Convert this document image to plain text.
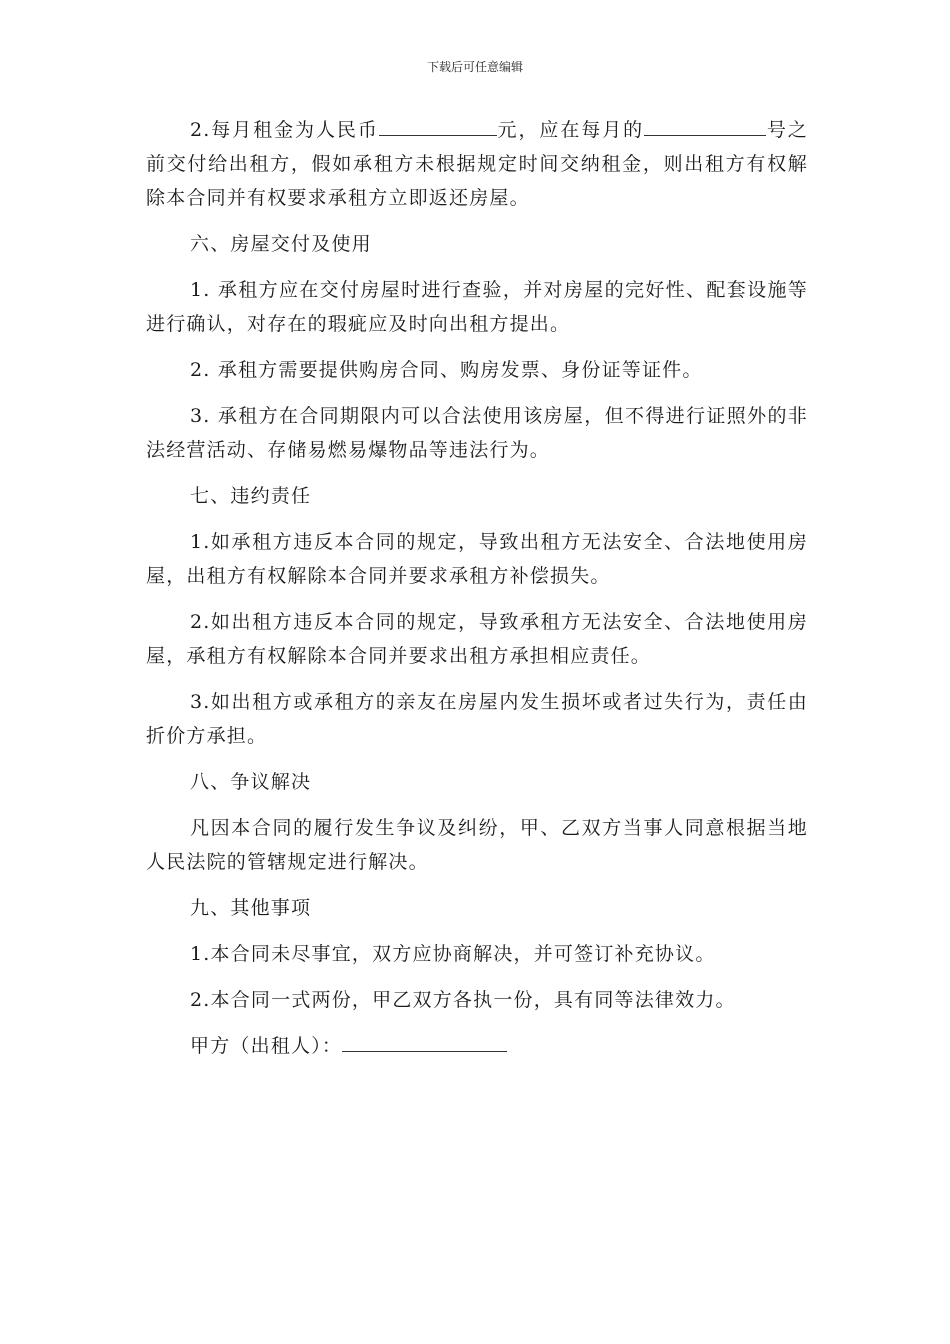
下载后可任意编辑

2.每月租金为人民币	元，应在每月的	号之前交付给出租方，假如承租方未根据规定时间交纳租金，则出租方有权解除本合同并有权要求承租方立即返还房屋。

六、房屋交付及使用

1. 承租方应在交付房屋时进行查验，并对房屋的完好性、配套设施等进行确认，对存在的瑕疵应及时向出租方提出。

2. 承租方需要提供购房合同、购房发票、身份证等证件。

3. 承租方在合同期限内可以合法使用该房屋，但不得进行证照外的非法经营活动、存储易燃易爆物品等违法行为。

七、违约责任

1.如承租方违反本合同的规定，导致出租方无法安全、合法地使用房屋，出租方有权解除本合同并要求承租方补偿损失。

2.如出租方违反本合同的规定，导致承租方无法安全、合法地使用房屋，承租方有权解除本合同并要求出租方承担相应责任。

3.如出租方或承租方的亲友在房屋内发生损坏或者过失行为，责任由折价方承担。

八、争议解决

凡因本合同的履行发生争议及纠纷，甲、乙双方当事人同意根据当地人民法院的管辖规定进行解决。

九、其他事项

1.本合同未尽事宜，双方应协商解决，并可签订补充协议。

2.本合同一式两份，甲乙双方各执一份，具有同等法律效力。

甲方（出租人）：
